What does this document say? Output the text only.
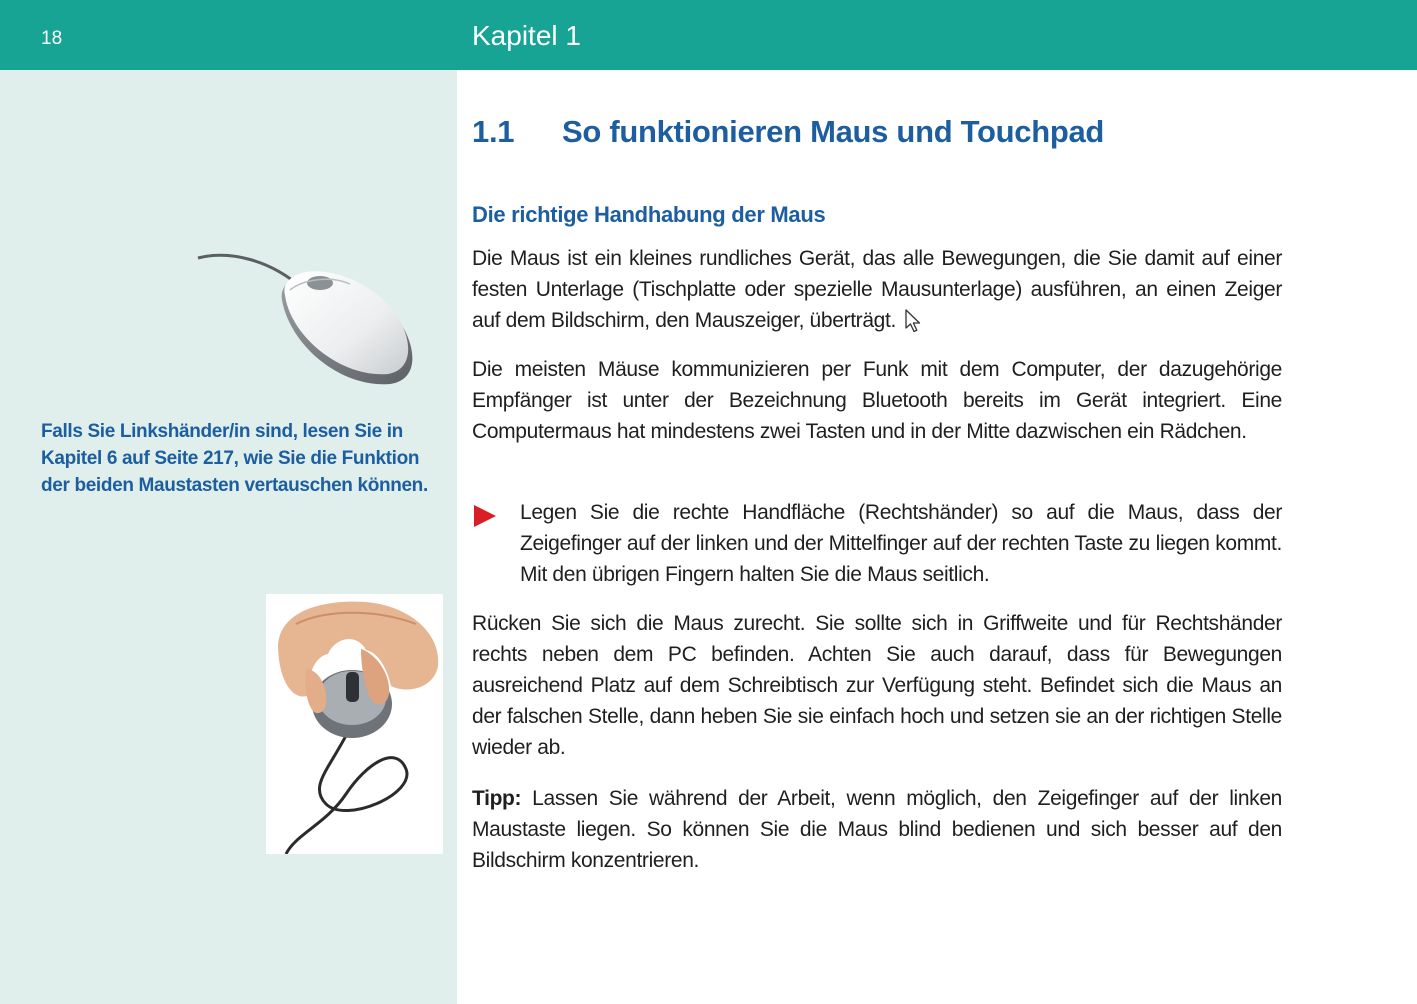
18	Kapitel 1
Falls Sie Linkshänder/in sind, lesen Sie in Kapitel 6 auf Seite 217, wie Sie die Funktion der beiden Maustasten vertauschen können.
1.1 So funktionieren Maus und Touchpad
Die richtige Handhabung der Maus

Die Maus ist ein kleines rundliches Gerät, das alle Bewegungen, die Sie damit auf einer festen Unterlage (Tischplatte oder spezielle Mausunterlage) ausführen, an einen Zeiger auf dem Bildschirm, den Mauszeiger, überträgt.

Die meisten Mäuse kommunizieren per Funk mit dem Computer, der dazugehörige Empfänger ist unter der Bezeichnung Bluetooth bereits im Gerät integriert. Eine Computermaus hat mindestens zwei Tasten und in der Mitte dazwischen ein Rädchen.

Legen Sie die rechte Handfläche (Rechtshänder) so auf die Maus, dass der Zeigefinger auf der linken und der Mittelfinger auf der rechten Taste zu liegen kommt. Mit den übrigen Fingern halten Sie die Maus seitlich.

Rücken Sie sich die Maus zurecht. Sie sollte sich in Griffweite und für Rechtshänder rechts neben dem PC befinden. Achten Sie auch darauf, dass für Bewegungen ausreichend Platz auf dem Schreibtisch zur Verfügung steht. Befindet sich die Maus an der falschen Stelle, dann heben Sie sie einfach hoch und setzen sie an der richtigen Stelle wieder ab.

Tipp: Lassen Sie während der Arbeit, wenn möglich, den Zeigefinger auf der linken Maustaste liegen. So können Sie die Maus blind bedienen und sich besser auf den Bildschirm konzentrieren.
